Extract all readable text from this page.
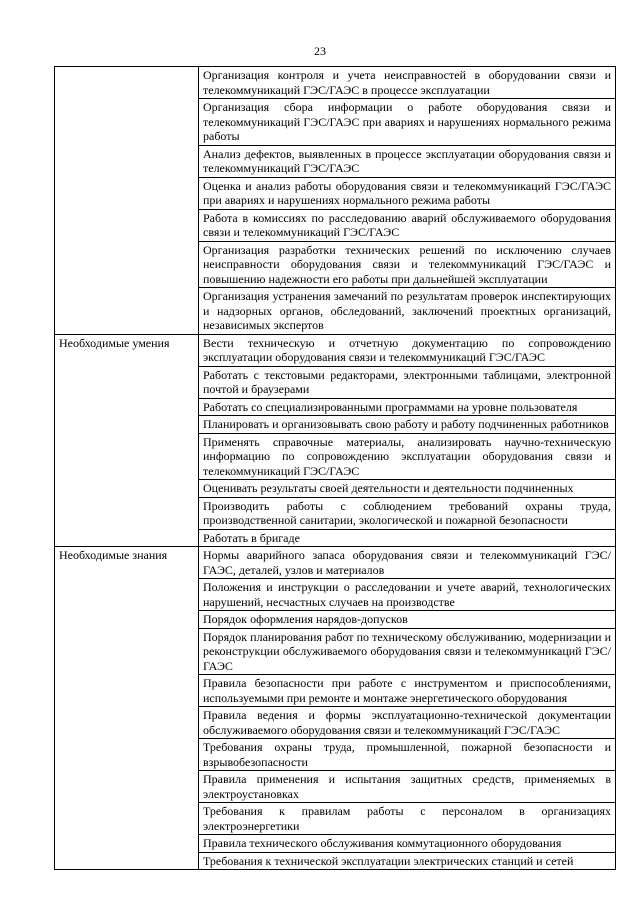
23
	Организация контроля и учета неисправностей в оборудовании связи и телекоммуникаций ГЭС/ГАЭС в процессе эксплуатации
	Организация сбора информации о работе оборудования связи и телекоммуникаций ГЭС/ГАЭС при авариях и нарушениях нормального режима работы
	Анализ дефектов, выявленных в процессе эксплуатации оборудования связи и телекоммуникаций ГЭС/ГАЭС
	Оценка и анализ работы оборудования связи и телекоммуникаций ГЭС/ГАЭС при авариях и нарушениях нормального режима работы
	Работа в комиссиях по расследованию аварий обслуживаемого оборудования связи и телекоммуникаций ГЭС/ГАЭС
	Организация разработки технических решений по исключению случаев неисправности оборудования связи и телекоммуникаций ГЭС/ГАЭС и повышению надежности его работы при дальнейшей эксплуатации
	Организация устранения замечаний по результатам проверок инспектирующих и надзорных органов, обследований, заключений проектных организаций, независимых экспертов
Необходимые умения	Вести техническую и отчетную документацию по сопровождению эксплуатации оборудования связи и телекоммуникаций ГЭС/ГАЭС
	Работать с текстовыми редакторами, электронными таблицами, электронной почтой и браузерами
	Работать со специализированными программами на уровне пользователя
	Планировать и организовывать свою работу и работу подчиненных работников
	Применять справочные материалы, анализировать научно-техническую информацию по сопровождению эксплуатации оборудования связи и телекоммуникаций ГЭС/ГАЭС
	Оценивать результаты своей деятельности и деятельности подчиненных
	Производить работы с соблюдением требований охраны труда, производственной санитарии, экологической и пожарной безопасности
	Работать в бригаде
Необходимые знания	Нормы аварийного запаса оборудования связи и телекоммуникаций ГЭС/ГАЭС, деталей, узлов и материалов
	Положения и инструкции о расследовании и учете аварий, технологических нарушений, несчастных случаев на производстве
	Порядок оформления нарядов-допусков
	Порядок планирования работ по техническому обслуживанию, модернизации и реконструкции обслуживаемого оборудования связи и телекоммуникаций ГЭС/ГАЭС
	Правила безопасности при работе с инструментом и приспособлениями, используемыми при ремонте и монтаже энергетического оборудования
	Правила ведения и формы эксплуатационно-технической документации обслуживаемого оборудования связи и телекоммуникаций ГЭС/ГАЭС
	Требования охраны труда, промышленной, пожарной безопасности и взрывобезопасности
	Правила применения и испытания защитных средств, применяемых в электроустановках
	Требования к правилам работы с персоналом в организациях электроэнергетики
	Правила технического обслуживания коммутационного оборудования
	Требования к технической эксплуатации электрических станций и сетей
